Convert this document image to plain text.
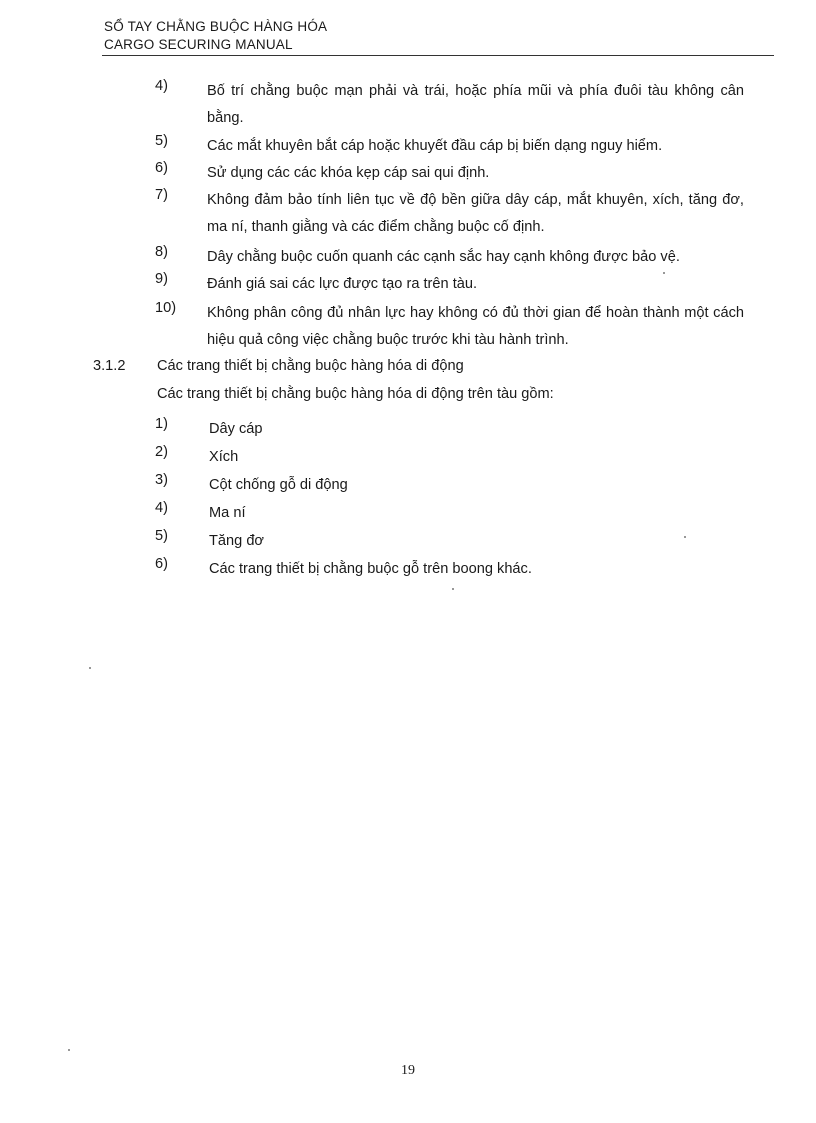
SỔ TAY CHẰNG BUỘC HÀNG HÓA
CARGO SECURING MANUAL
4)	Bố trí chằng buộc mạn phải và trái, hoặc phía mũi và phía đuôi tàu không cân bằng.
5)	Các mắt khuyên bắt cáp hoặc khuyết đầu cáp bị biến dạng nguy hiểm.
6)	Sử dụng các các khóa kẹp cáp sai qui định.
7)	Không đảm bảo tính liên tục về độ bền giữa dây cáp, mắt khuyên, xích, tăng đơ, ma ní, thanh giằng và các điểm chằng buộc cố định.
8)	Dây chằng buộc cuốn quanh các cạnh sắc hay cạnh không được bảo vệ.
9)	Đánh giá sai các lực được tạo ra trên tàu.
10) Không phân công đủ nhân lực hay không có đủ thời gian để hoàn thành một cách hiệu quả công việc chằng buộc trước khi tàu hành trình.
3.1.2 Các trang thiết bị chằng buộc hàng hóa di động
Các trang thiết bị chằng buộc hàng hóa di động trên tàu gồm:
1)	Dây cáp
2)	Xích
3)	Cột chống gỗ di động
4)	Ma ní
5)	Tăng đơ
6)	Các trang thiết bị chằng buộc gỗ trên boong khác.
19
